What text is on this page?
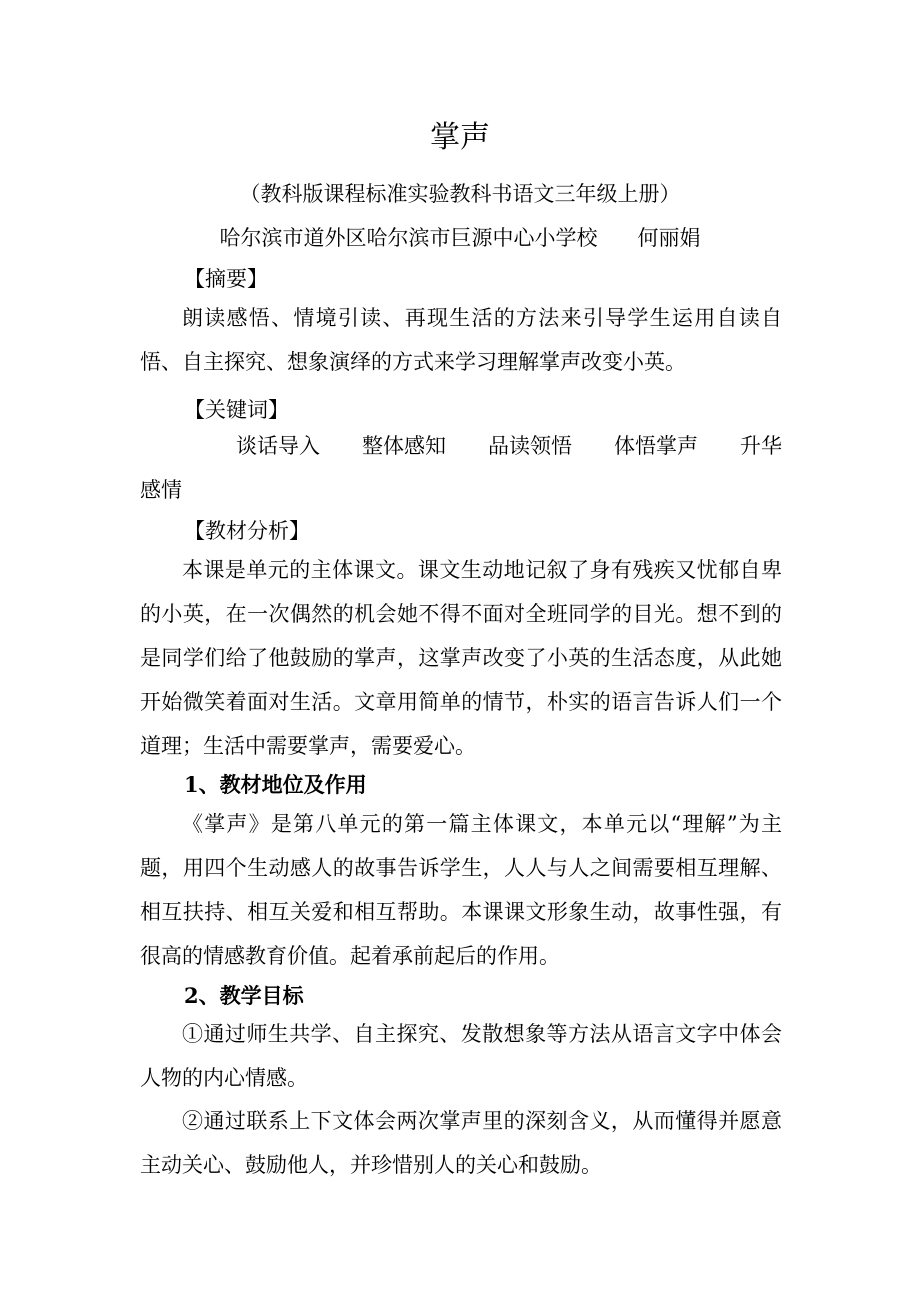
掌声

（教科版课程标准实验教科书语文三年级上册）

哈尔滨市道外区哈尔滨市巨源中心小学校      何丽娟

【摘要】

朗读感悟、情境引读、再现生活的方法来引导学生运用自读自悟、自主探究、想象演绎的方式来学习理解掌声改变小英。

【关键词】

谈话导入 整体感知 品读领悟 体悟掌声 升华
感情

【教材分析】

本课是单元的主体课文。课文生动地记叙了身有残疾又忧郁自卑的小英，在一次偶然的机会她不得不面对全班同学的目光。想不到的是同学们给了他鼓励的掌声，这掌声改变了小英的生活态度，从此她开始微笑着面对生活。文章用简单的情节，朴实的语言告诉人们一个道理；生活中需要掌声，需要爱心。

1、教材地位及作用

《掌声》是第八单元的第一篇主体课文，本单元以“理解”为主题，用四个生动感人的故事告诉学生，人人与人之间需要相互理解、相互扶持、相互关爱和相互帮助。本课课文形象生动，故事性强，有很高的情感教育价值。起着承前起后的作用。

2、教学目标

①通过师生共学、自主探究、发散想象等方法从语言文字中体会人物的内心情感。

②通过联系上下文体会两次掌声里的深刻含义，从而懂得并愿意主动关心、鼓励他人，并珍惜别人的关心和鼓励。
